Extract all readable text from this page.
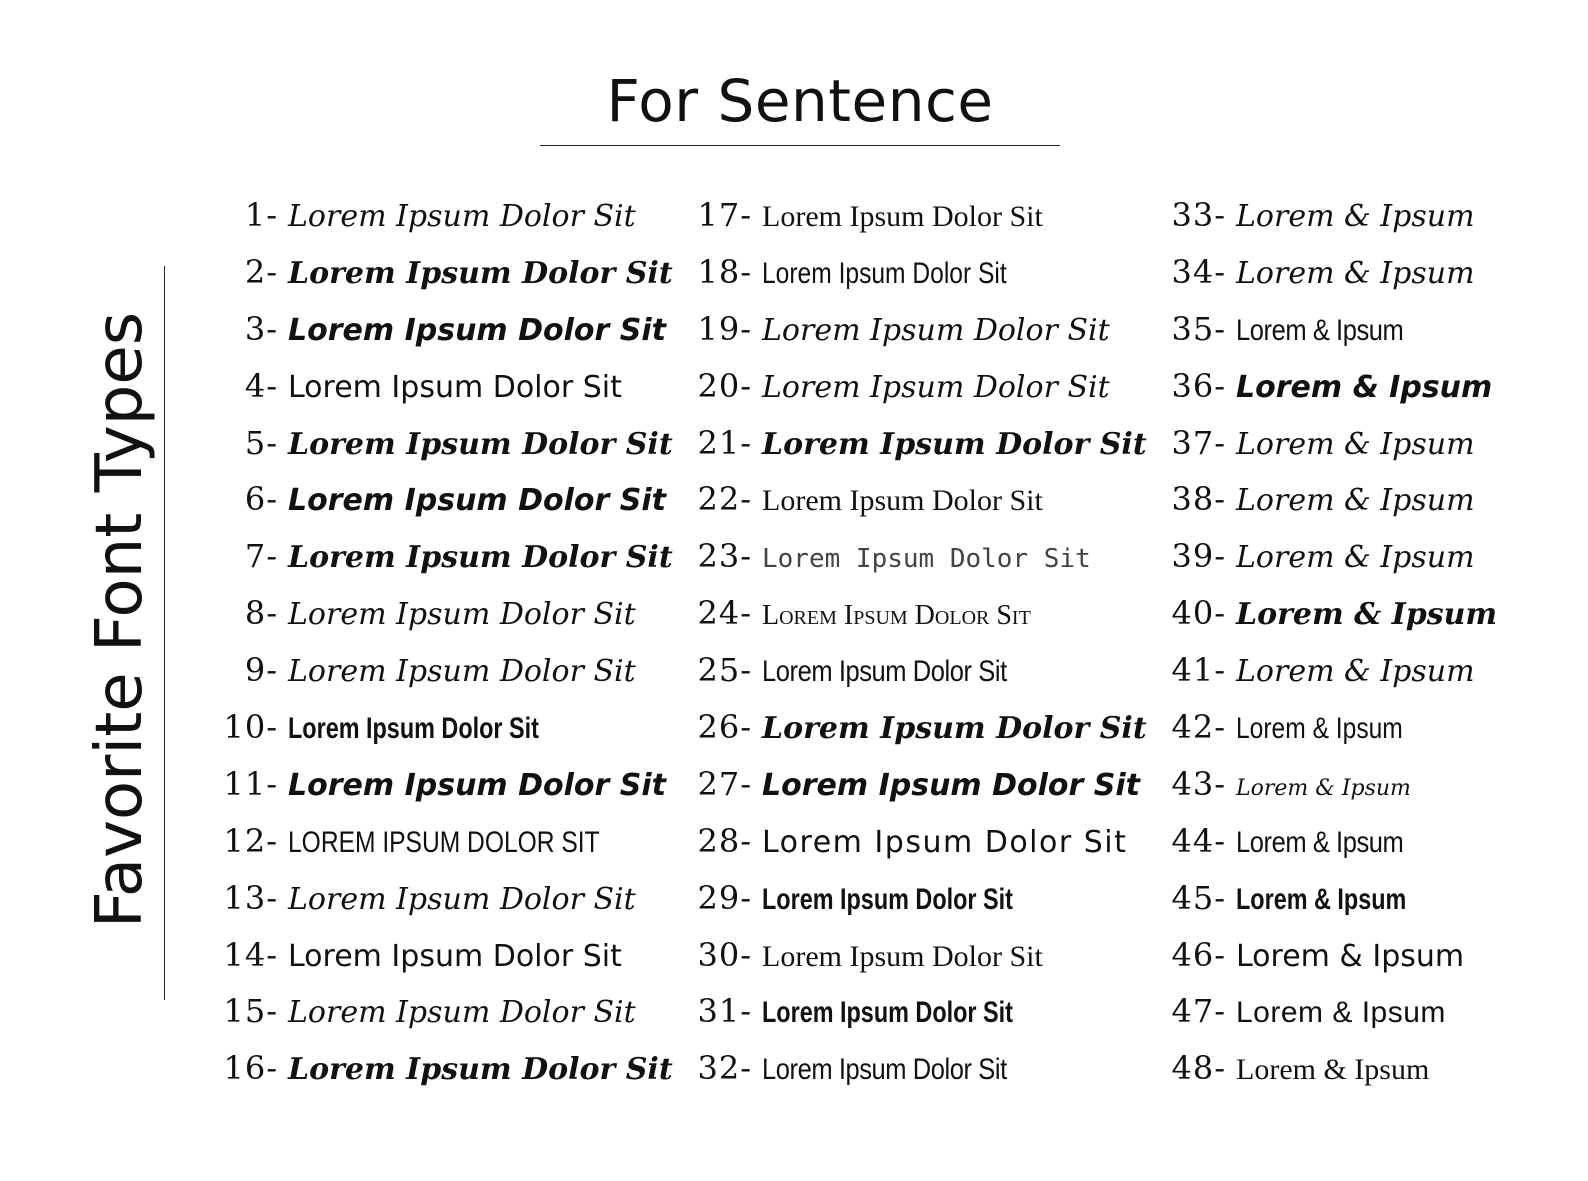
For Sentence
Favorite Font Types
1- Lorem Ipsum Dolor Sit
2- Lorem Ipsum Dolor Sit
3- Lorem Ipsum Dolor Sit
4- Lorem Ipsum Dolor Sit
5- Lorem Ipsum Dolor Sit
6- Lorem Ipsum Dolor Sit
7- Lorem Ipsum Dolor Sit
8- Lorem Ipsum Dolor Sit
9- Lorem Ipsum Dolor Sit
10- Lorem Ipsum Dolor Sit
11- Lorem Ipsum Dolor Sit
12- LOREM IPSUM DOLOR SIT
13- Lorem Ipsum Dolor Sit
14- Lorem Ipsum Dolor Sit
15- Lorem Ipsum Dolor Sit
16- Lorem Ipsum Dolor Sit
17- Lorem Ipsum Dolor Sit
18- Lorem Ipsum Dolor Sit
19- Lorem Ipsum Dolor Sit
20- Lorem Ipsum Dolor Sit
21- Lorem Ipsum Dolor Sit
22- Lorem Ipsum Dolor Sit
23- Lorem Ipsum Dolor Sit
24- Lorem Ipsum Dolor Sit
25- Lorem Ipsum Dolor Sit
26- Lorem Ipsum Dolor Sit
27- Lorem Ipsum Dolor Sit
28- Lorem Ipsum Dolor Sit
29- Lorem Ipsum Dolor Sit
30- Lorem Ipsum Dolor Sit
31- Lorem Ipsum Dolor Sit
32- Lorem Ipsum Dolor Sit
33- Lorem & Ipsum
34- Lorem & Ipsum
35- Lorem & Ipsum
36- Lorem & Ipsum
37- Lorem & Ipsum
38- Lorem & Ipsum
39- Lorem & Ipsum
40- Lorem & Ipsum
41- Lorem & Ipsum
42- Lorem & Ipsum
43- Lorem & Ipsum
44- Lorem & Ipsum
45- Lorem & Ipsum
46- Lorem & Ipsum
47- Lorem & Ipsum
48- Lorem & Ipsum
